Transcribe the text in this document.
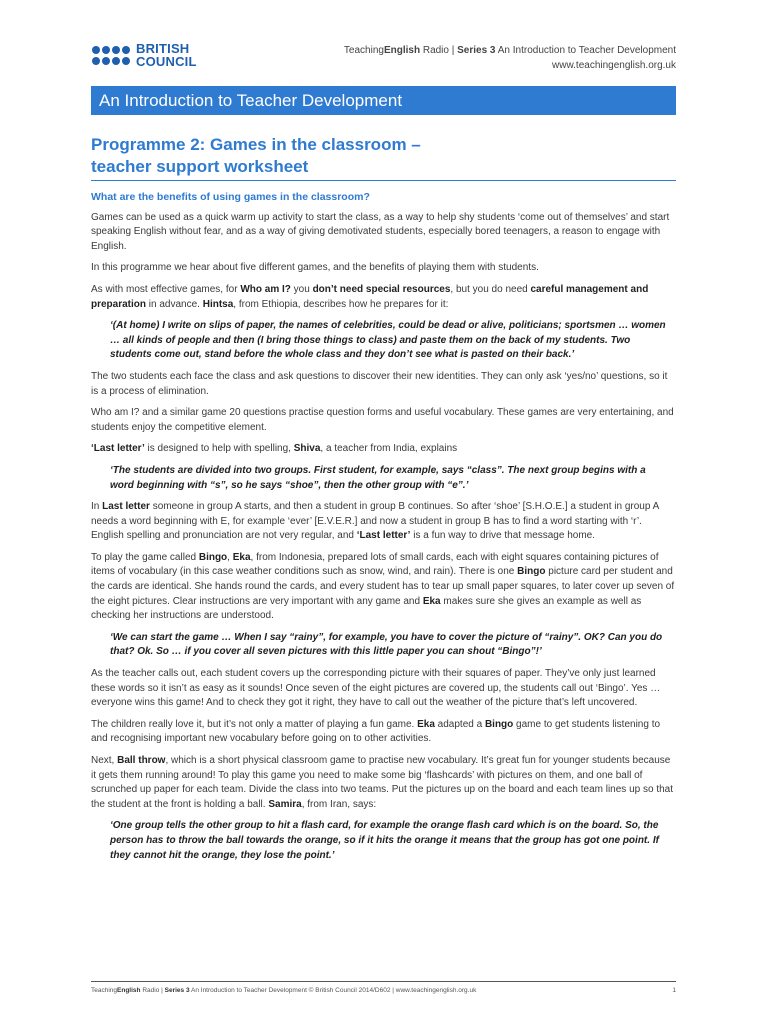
BRITISH
COUNCIL
TeachingEnglish Radio | Series 3 An Introduction to Teacher Development
www.teachingenglish.org.uk
An Introduction to Teacher Development
Programme 2: Games in the classroom –
teacher support worksheet

What are the benefits of using games in the classroom?

Games can be used as a quick warm up activity to start the class, as a way to help shy students ‘come out of themselves’ and start speaking English without fear, and as a way of giving demotivated students, especially bored teenagers, a reason to engage with English.

In this programme we hear about five different games, and the benefits of playing them with students.

As with most effective games, for Who am I? you don’t need special resources, but you do need careful management and preparation in advance. Hintsa, from Ethiopia, describes how he prepares for it:

‘(At home) I write on slips of paper, the names of celebrities, could be dead or alive, politicians; sportsmen … women … all kinds of people and then (I bring those things to class) and paste them on the back of my students. Two students come out, stand before the whole class and they don’t see what is pasted on their back.’

The two students each face the class and ask questions to discover their new identities. They can only ask ‘yes/no’ questions, so it is a process of elimination.

Who am I? and a similar game 20 questions practise question forms and useful vocabulary. These games are very entertaining, and students enjoy the competitive element.

‘Last letter’ is designed to help with spelling, Shiva, a teacher from India, explains

‘The students are divided into two groups. First student, for example, says “class”. The next group begins with a word beginning with “s”, so he says “shoe”, then the other group with “e”.’

In Last letter someone in group A starts, and then a student in group B continues. So after ‘shoe’ [S.H.O.E.] a student in group A needs a word beginning with E, for example ‘ever’ [E.V.E.R.] and now a student in group B has to find a word starting with ‘r’. English spelling and pronunciation are not very regular, and ‘Last letter’ is a fun way to drive that message home.

To play the game called Bingo, Eka, from Indonesia, prepared lots of small cards, each with eight squares containing pictures of items of vocabulary (in this case weather conditions such as snow, wind, and rain). There is one Bingo picture card per student and the cards are identical. She hands round the cards, and every student has to tear up small paper squares, to later cover up seven of the eight pictures. Clear instructions are very important with any game and Eka makes sure she gives an example as well as checking her instructions are understood.

‘We can start the game … When I say “rainy”, for example, you have to cover the picture of “rainy”. OK? Can you do that? Ok. So … if you cover all seven pictures with this little paper you can shout “Bingo”!’

As the teacher calls out, each student covers up the corresponding picture with their squares of paper. They’ve only just learned these words so it isn’t as easy as it sounds! Once seven of the eight pictures are covered up, the students call out ‘Bingo’. Yes … everyone wins this game! And to check they got it right, they have to call out the weather of the picture that’s left uncovered.

The children really love it, but it’s not only a matter of playing a fun game. Eka adapted a Bingo game to get students listening to and recognising important new vocabulary before going on to other activities.

Next, Ball throw, which is a short physical classroom game to practise new vocabulary. It’s great fun for younger students because it gets them running around! To play this game you need to make some big ‘flashcards’ with pictures on them, and one ball of scrunched up paper for each team. Divide the class into two teams. Put the pictures up on the board and each team lines up so that the student at the front is holding a ball. Samira, from Iran, says:

‘One group tells the other group to hit a flash card, for example the orange flash card which is on the board. So, the person has to throw the ball towards the orange, so if it hits the orange it means that the group has got one point. If they cannot hit the orange, they lose the point.’

TeachingEnglish Radio | Series 3 An Introduction to Teacher Development © British Council 2014/D602 | www.teachingenglish.org.uk	1
